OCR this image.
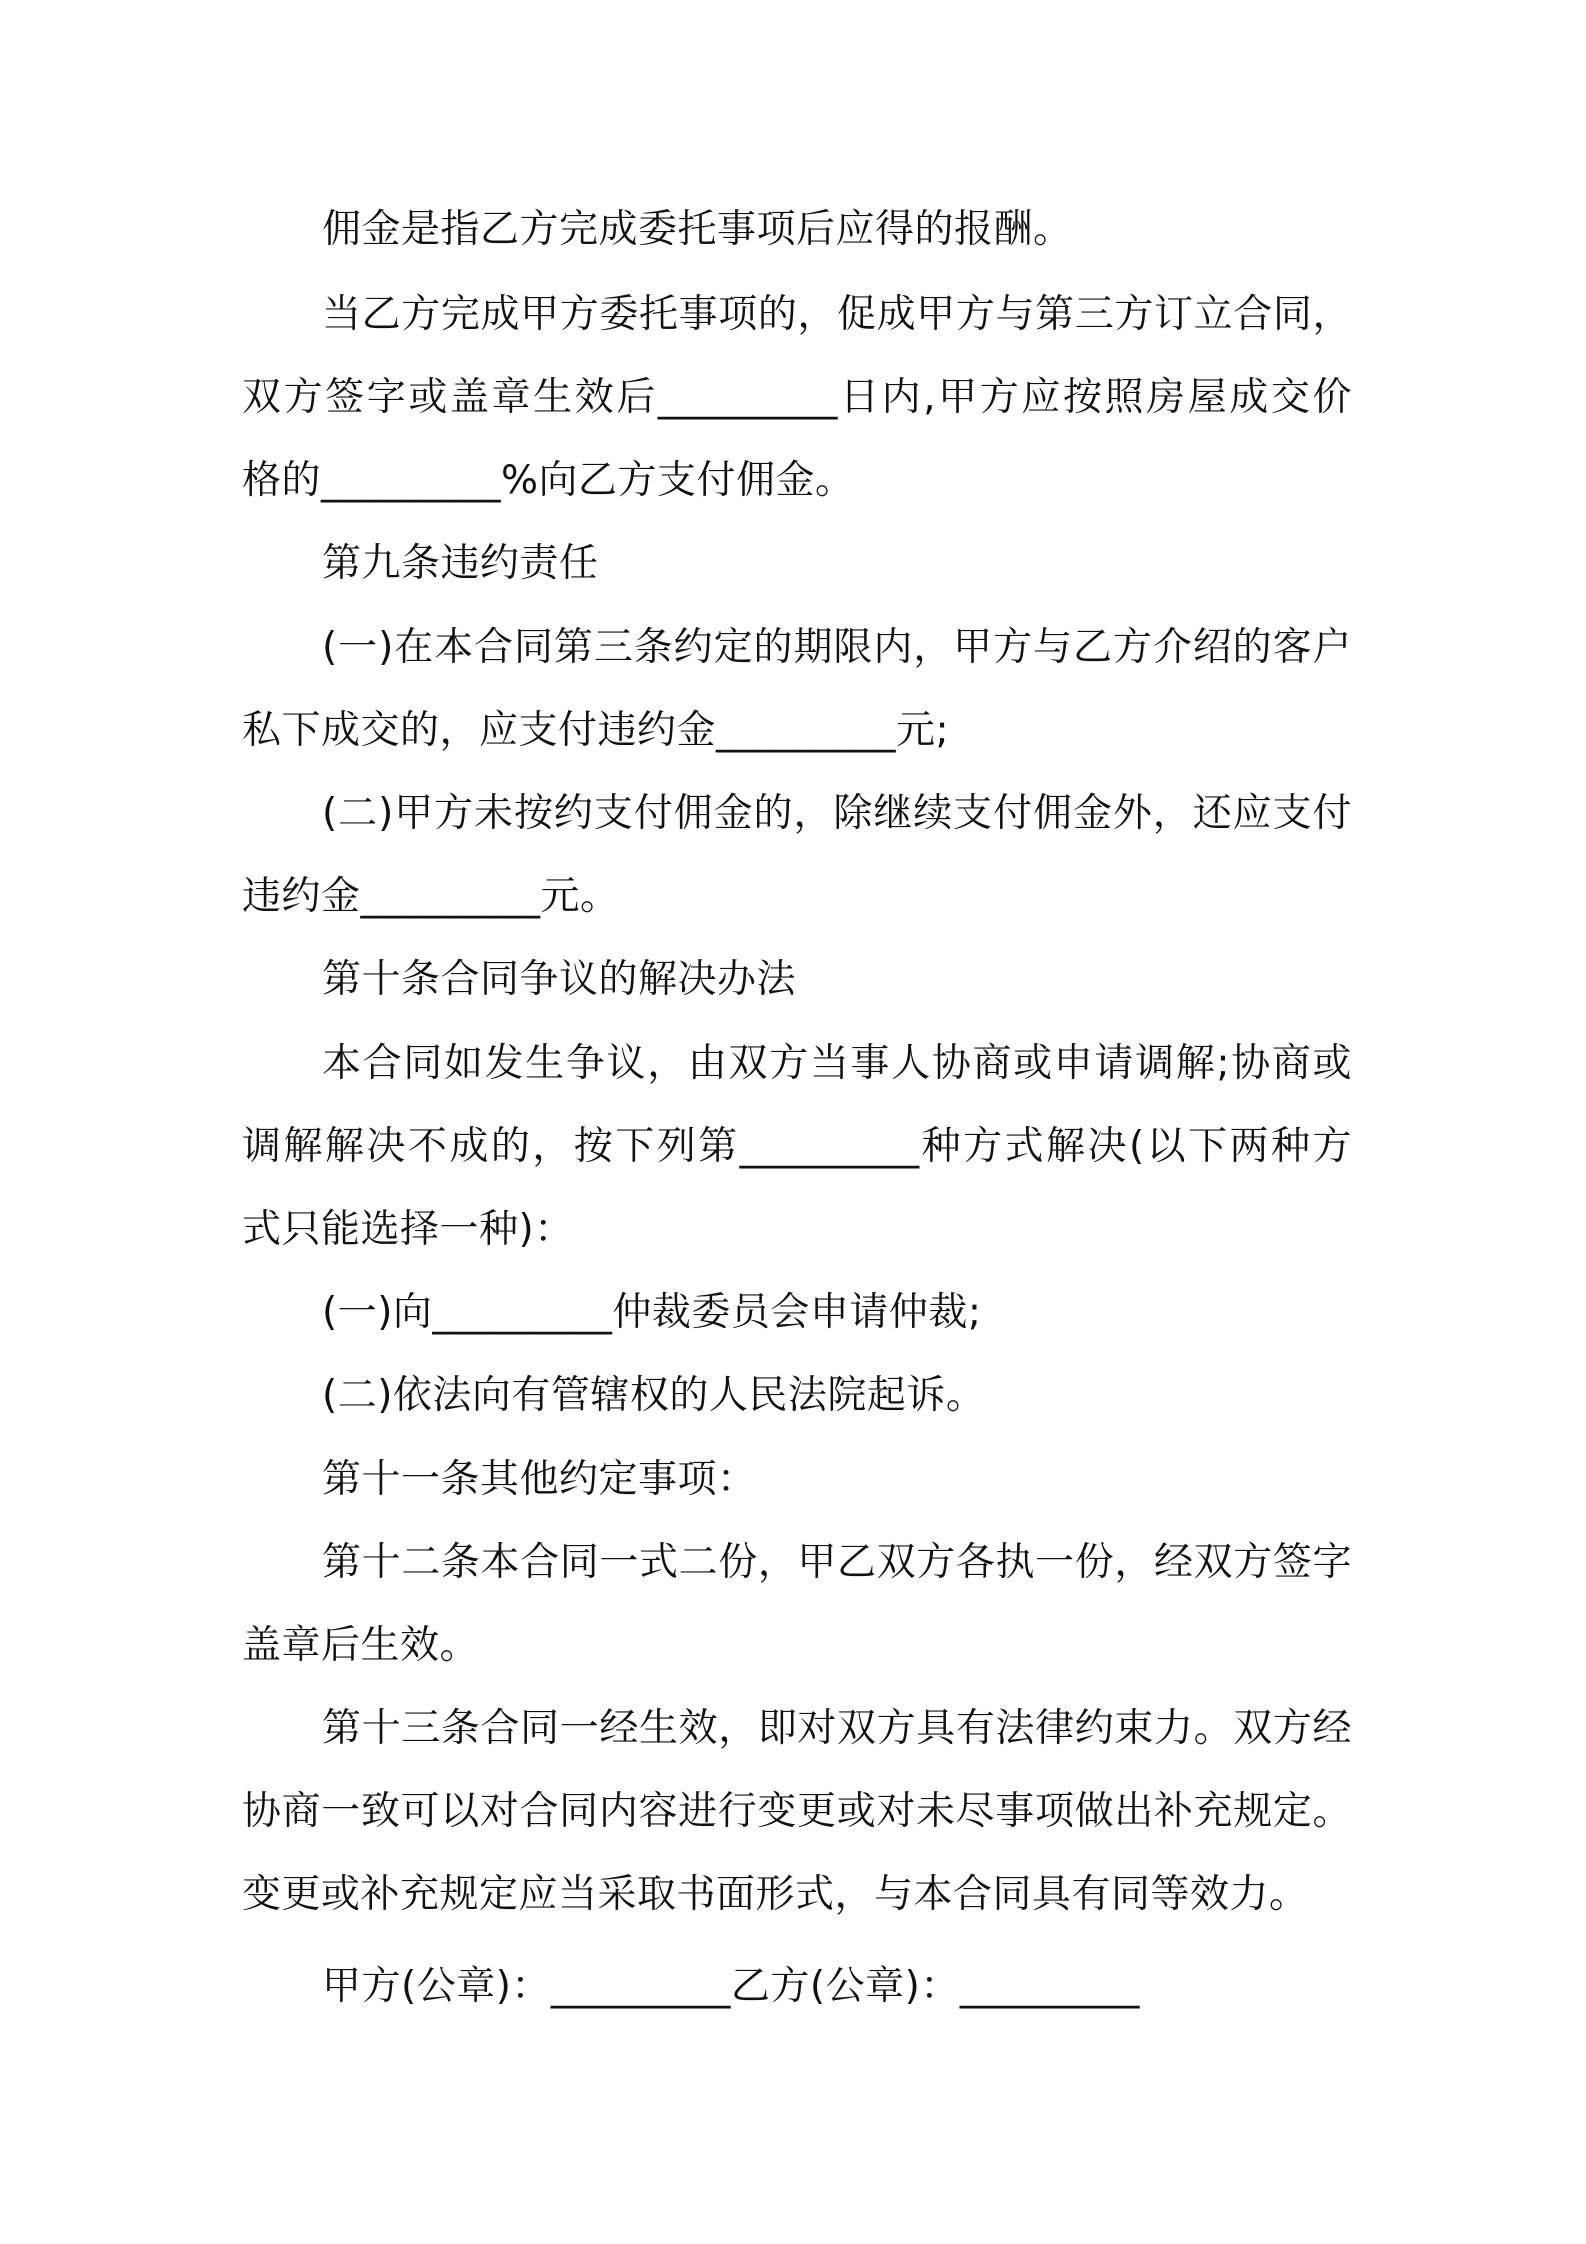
佣金是指乙方完成委托事项后应得的报酬。
当乙方完成甲方委托事项的，促成甲方与第三方订立合同，
双方签字或盖章生效后_________日内,甲方应按照房屋成交价
格的_________%向乙方支付佣金。
第九条违约责任
(一)在本合同第三条约定的期限内，甲方与乙方介绍的客户
私下成交的，应支付违约金_________元;
(二)甲方未按约支付佣金的，除继续支付佣金外，还应支付
违约金_________元。
第十条合同争议的解决办法
本合同如发生争议，由双方当事人协商或申请调解;协商或
调解解决不成的，按下列第_________种方式解决(以下两种方
式只能选择一种)：
(一)向_________仲裁委员会申请仲裁;
(二)依法向有管辖权的人民法院起诉。
第十一条其他约定事项：
第十二条本合同一式二份，甲乙双方各执一份，经双方签字
盖章后生效。
第十三条合同一经生效，即对双方具有法律约束力。双方经
协商一致可以对合同内容进行变更或对未尽事项做出补充规定。
变更或补充规定应当采取书面形式，与本合同具有同等效力。
甲方(公章)：_________乙方(公章)：_________
